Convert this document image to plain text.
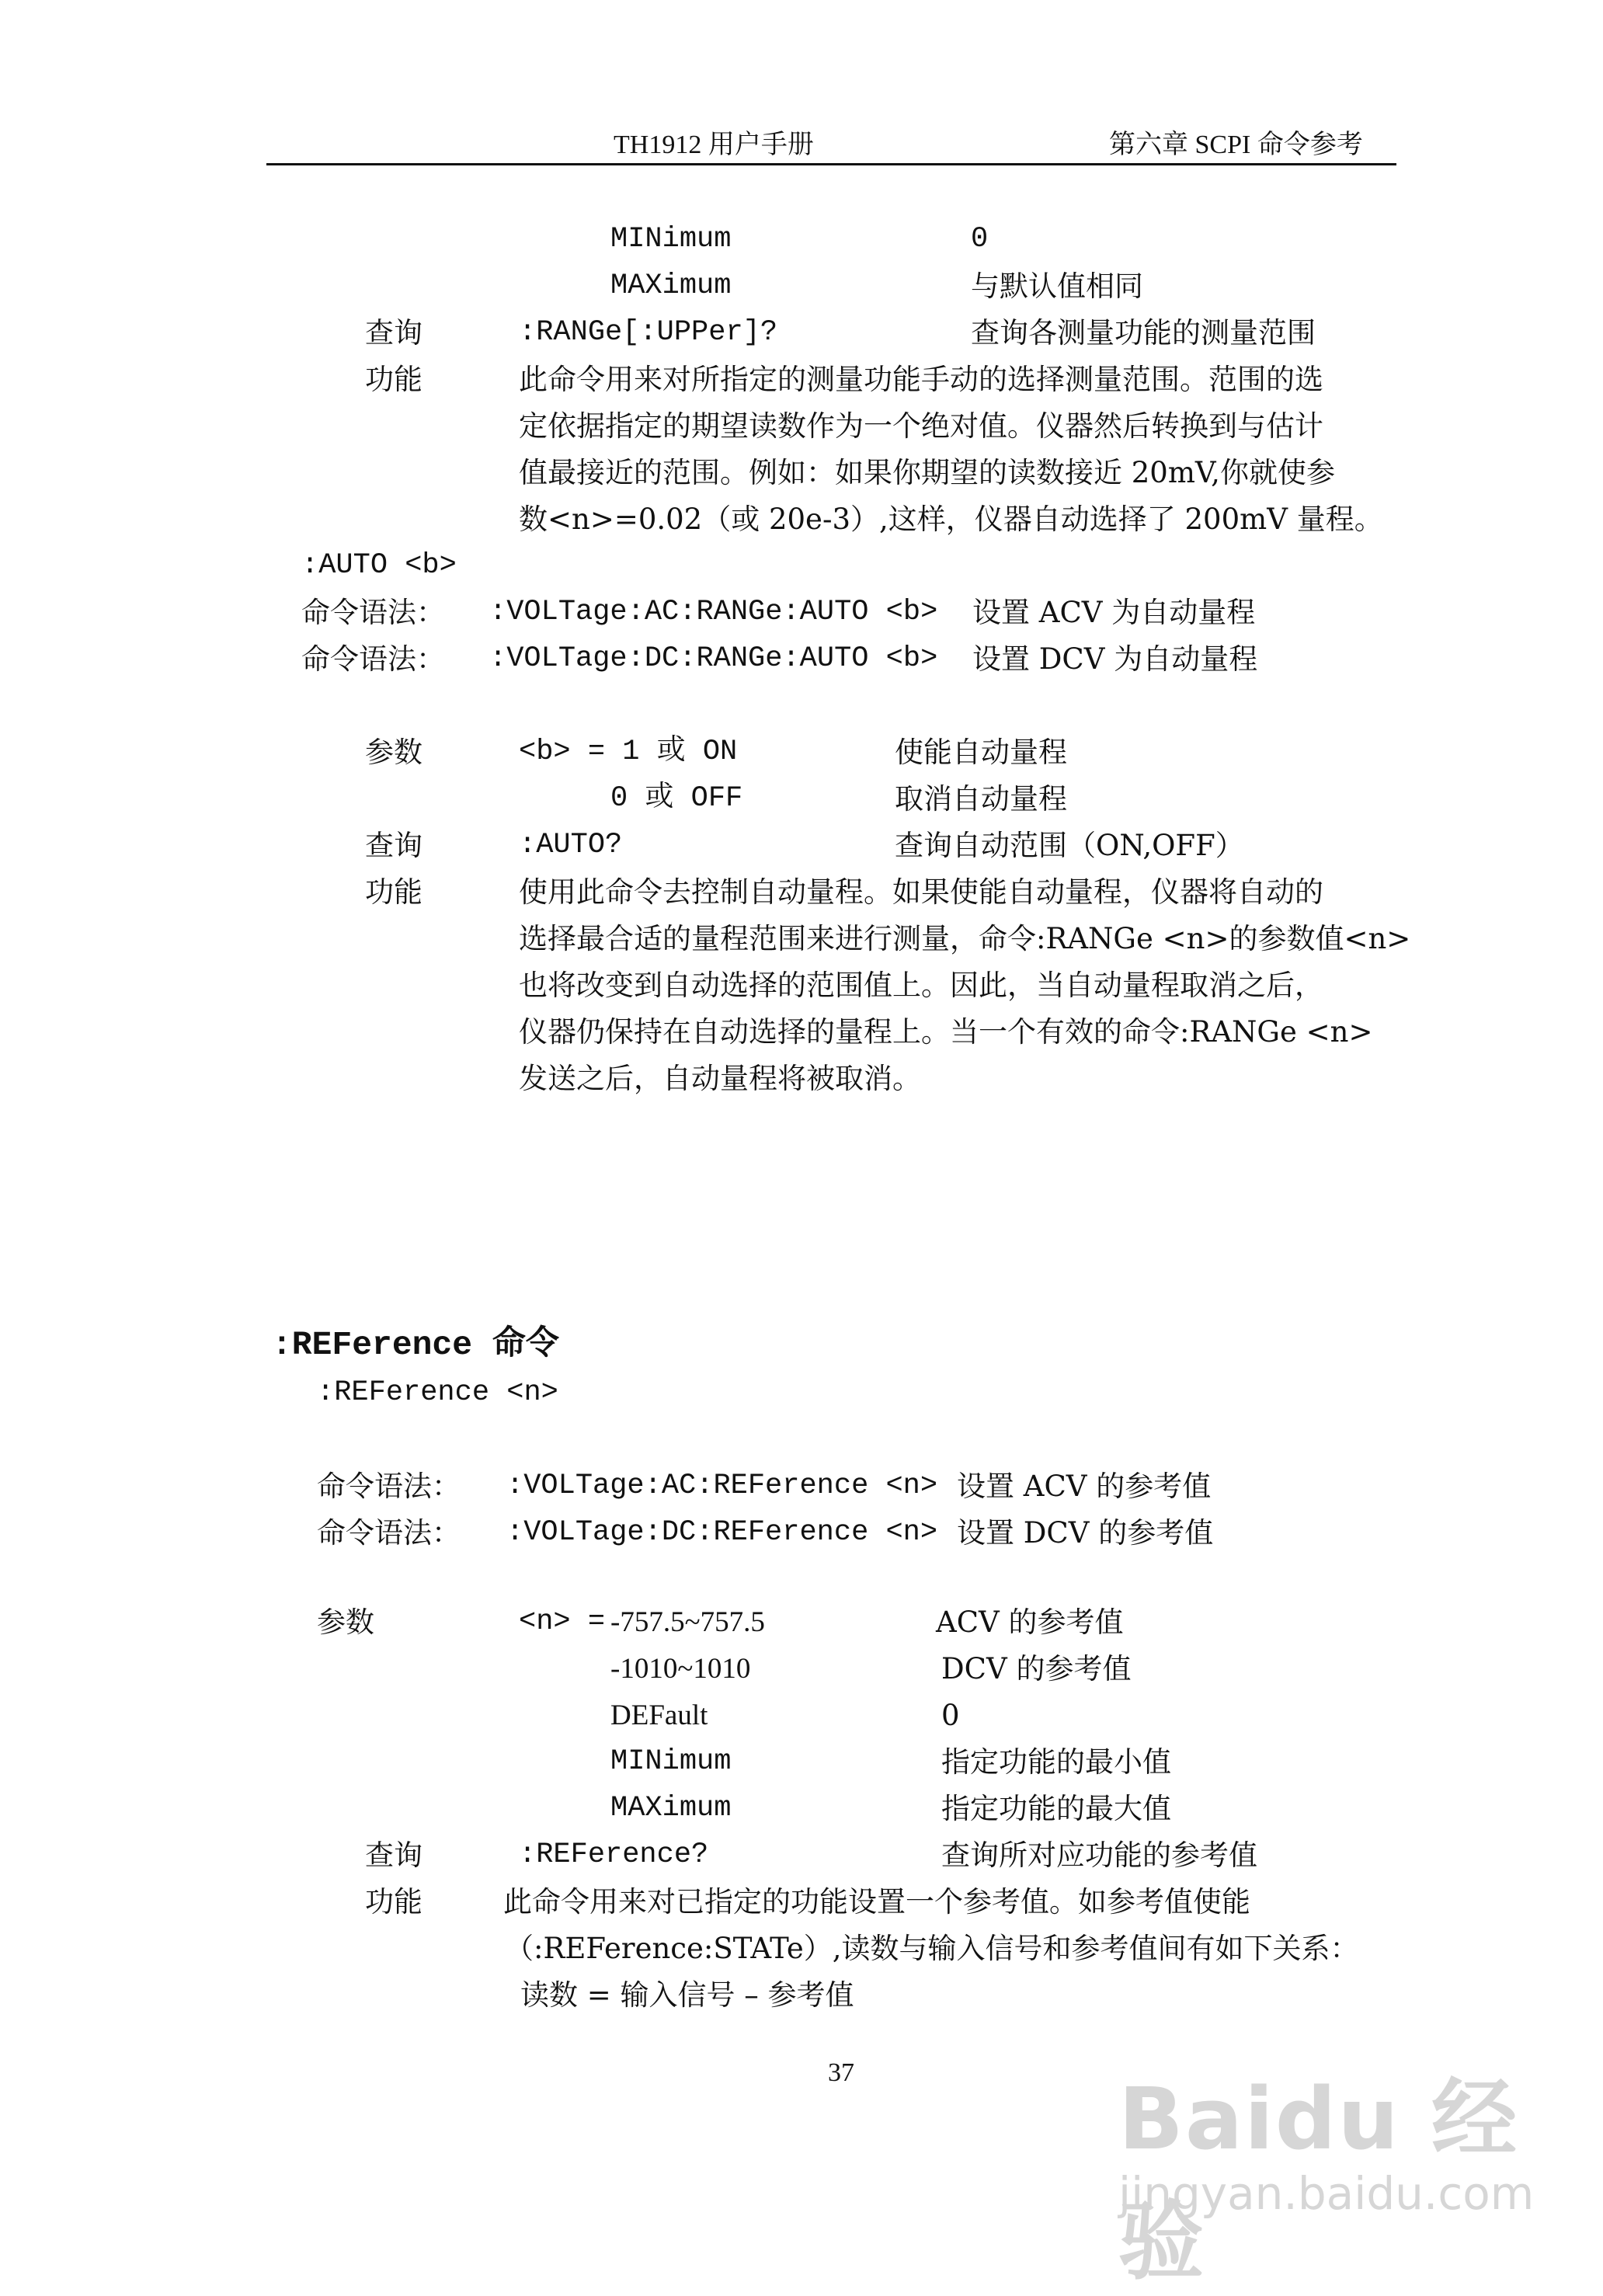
TH1912 用户手册	第六章 SCPI 命令参考
MINimum	0
MAXimum	与默认值相同
查询	:RANGe[:UPPer]?	查询各测量功能的测量范围
功能	此命令用来对所指定的测量功能手动的选择测量范围。范围的选
定依据指定的期望读数作为一个绝对值。仪器然后转换到与估计
值最接近的范围。例如：如果你期望的读数接近 20mV,你就使参
数<n>=0.02（或 20e-3）,这样，仪器自动选择了 200mV 量程。
:AUTO <b>
命令语法： :VOLTage:AC:RANGe:AUTO <b> 设置 ACV 为自动量程
命令语法： :VOLTage:DC:RANGe:AUTO <b> 设置 DCV 为自动量程
参数	<b> = 1 或 ON	使能自动量程
0 或 OFF	取消自动量程
查询	:AUTO?	查询自动范围（ON,OFF）
功能	使用此命令去控制自动量程。如果使能自动量程，仪器将自动的
选择最合适的量程范围来进行测量，命令:RANGe <n>的参数值<n>
也将改变到自动选择的范围值上。因此，当自动量程取消之后，
仪器仍保持在自动选择的量程上。当一个有效的命令:RANGe <n>
发送之后，自动量程将被取消。
:REFerence 命令
:REFerence <n>
命令语法： :VOLTage:AC:REFerence <n> 设置 ACV 的参考值
命令语法： :VOLTage:DC:REFerence <n> 设置 DCV 的参考值
参数	<n> = -757.5~757.5	ACV 的参考值
-1010~1010	DCV 的参考值
DEFault	0
MINimum	指定功能的最小值
MAXimum	指定功能的最大值
查询	:REFerence?	查询所对应功能的参考值
功能	此命令用来对已指定的功能设置一个参考值。如参考值使能
（:REFerence:STATe）,读数与输入信号和参考值间有如下关系：
读数 = 输入信号 – 参考值
37	Baidu 经验
jingyan.baidu.com
